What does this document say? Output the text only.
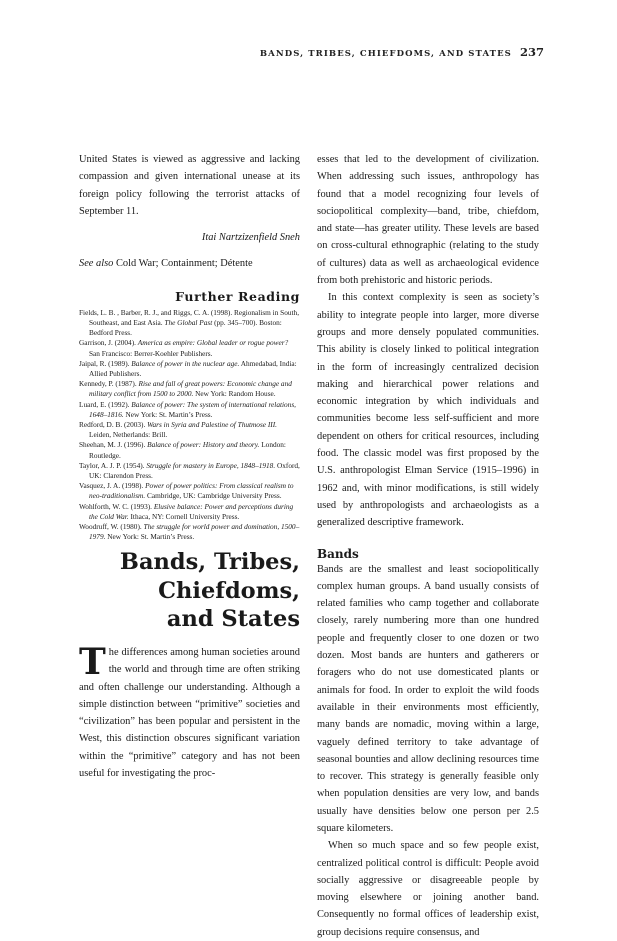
BANDS, TRIBES, CHIEFDOMS, AND STATES 237

United States is viewed as aggressive and lacking compassion and given international unease at its foreign policy following the terrorist attacks of September 11.

Itai Nartzizenfield Sneh
See also Cold War; Containment; Détente
Further Reading

Fields, L. B. , Barber, R. J., and Riggs, C. A. (1998). Regionalism in South, Southeast, and East Asia. The Global Past (pp. 345–700). Boston: Bedford Press.

Garrison, J. (2004). America as empire: Global leader or rogue power? San Francisco: Berrer-Koehler Publishers.

Jaipal, R. (1989). Balance of power in the nuclear age. Ahmedabad, India: Allied Publishers.

Kennedy, P. (1987). Rise and fall of great powers: Economic change and military conflict from 1500 to 2000. New York: Random House.

Luard, E. (1992). Balance of power: The system of international relations, 1648–1816. New York: St. Martin’s Press.

Redford, D. B. (2003). Wars in Syria and Palestine of Thutmose III. Leiden, Netherlands: Brill.

Sheehan, M. J. (1996). Balance of power: History and theory. London: Routledge.

Taylor, A. J. P. (1954). Struggle for mastery in Europe, 1848–1918. Oxford, UK: Clarendon Press.

Vasquez, J. A. (1998). Power of power politics: From classical realism to neo-traditionalism. Cambridge, UK: Cambridge University Press.

Wohlforth, W. C. (1993). Elusive balance: Power and perceptions during the Cold War. Ithaca, NY: Cornell University Press.

Woodruff, W. (1980). The struggle for world power and domination, 1500–1979. New York: St. Martin’s Press.

Bands, Tribes,
Chiefdoms,
and States

The differences among human societies around the world and through time are often striking and often challenge our understanding. Although a simple distinction between “primitive” societies and “civilization” has been popular and persistent in the West, this distinction obscures significant variation within the “primitive” category and has not been useful for investigating the proc-

esses that led to the development of civilization. When addressing such issues, anthropology has found that a model recognizing four levels of sociopolitical complexity—band, tribe, chiefdom, and state—has greater utility. These levels are based on cross-cultural ethnographic (relating to the study of cultures) data as well as archaeological evidence from both prehistoric and historic periods.

In this context complexity is seen as society’s ability to integrate people into larger, more diverse groups and more densely populated communities. This ability is closely linked to political integration in the form of increasingly centralized decision making and hierarchical power relations and economic integration by which individuals and communities become less self-sufficient and more dependent on others for critical resources, including food. The classic model was first proposed by the U.S. anthropologist Elman Service (1915–1996) in 1962 and, with minor modifications, is still widely used by anthropologists and archaeologists as a generalized descriptive framework.

Bands

Bands are the smallest and least sociopolitically complex human groups. A band usually consists of related families who camp together and collaborate closely, rarely numbering more than one hundred people and frequently closer to one dozen or two dozen. Most bands are hunters and gatherers or foragers who do not use domesticated plants or animals for food. In order to exploit the wild foods available in their environments most efficiently, many bands are nomadic, moving within a large, vaguely defined territory to take advantage of seasonal bounties and allow declining resources time to recover. This strategy is generally feasible only when population densities are very low, and bands usually have densities below one person per 2.5 square kilometers.

When so much space and so few people exist, centralized political control is difficult: People avoid socially aggressive or disagreeable people by moving elsewhere or joining another band. Consequently no formal offices of leadership exist, group decisions require consensus, and
